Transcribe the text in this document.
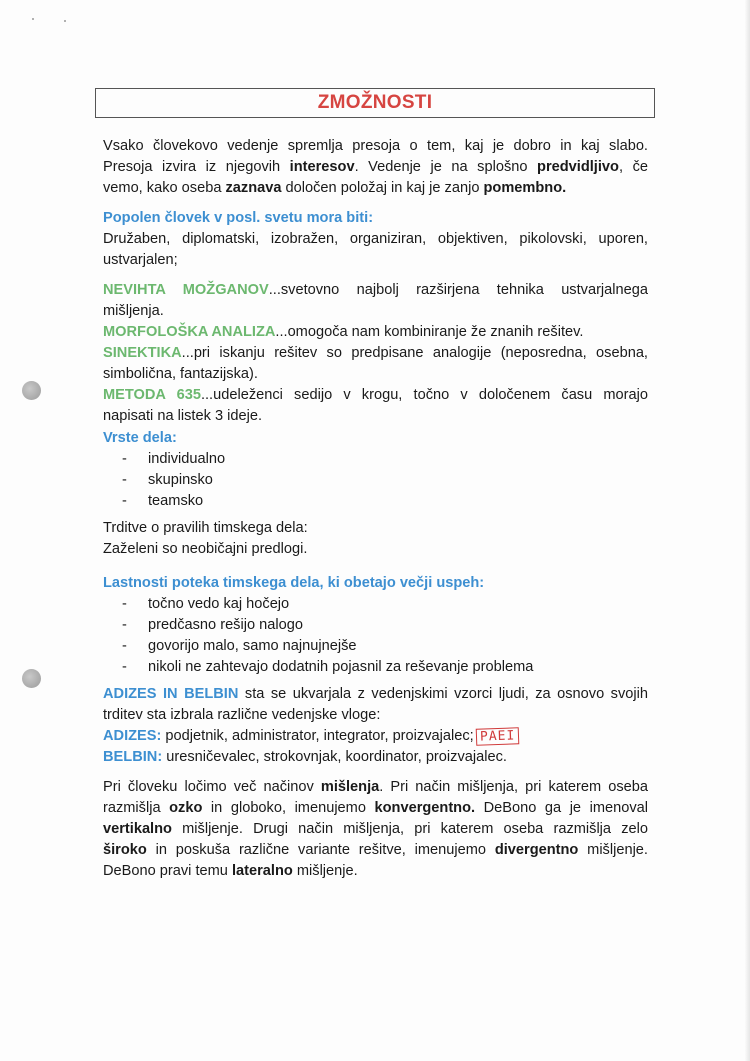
ZMOŽNOSTI
Vsako človekovo vedenje spremlja presoja o tem, kaj je dobro in kaj slabo.
Presoja izvira iz njegovih interesov. Vedenje je na splošno predvidljivo, če
vemo, kako oseba zaznava določen položaj in kaj je zanjo pomembno.
Popolen človek v posl. svetu mora biti:
Družaben, diplomatski, izobražen, organiziran, objektiven, pikolovski, uporen,
ustvarjalen;
NEVIHTA MOŽGANOV...svetovno najbolj razširjena tehnika ustvarjalnega
mišljenja.
MORFOLOŠKA ANALIZA...omogoča nam kombiniranje že znanih rešitev.
SINEKTIKA...pri iskanju rešitev so predpisane analogije (neposredna, osebna,
simbolična, fantazijska).
METODA 635...udeleženci sedijo v krogu, točno v določenem času morajo
napisati na listek 3 ideje.
Vrste dela:
- individualno
- skupinsko
- teamsko
Trditve o pravilih timskega dela:
Zaželeni so neobičajni predlogi.
Lastnosti poteka timskega dela, ki obetajo večji uspeh:
- točno vedo kaj hočejo
- predčasno rešijo nalogo
- govorijo malo, samo najnujnejše
- nikoli ne zahtevajo dodatnih pojasnil za reševanje problema
ADIZES IN BELBIN sta se ukvarjala z vedenjskimi vzorci ljudi, za osnovo svojih
trditev sta izbrala različne vedenjske vloge:
ADIZES: podjetnik, administrator, integrator, proizvajalec; PAEI
BELBIN: uresničevalec, strokovnjak, koordinator, proizvajalec.
Pri človeku ločimo več načinov mišlenja. Pri način mišljenja, pri katerem oseba
razmišlja ozko in globoko, imenujemo konvergentno. DeBono ga je imenoval
vertikalno mišljenje. Drugi način mišljenja, pri katerem oseba razmišlja zelo
široko in poskuša različne variante rešitve, imenujemo divergentno mišljenje.
DeBono pravi temu lateralno mišljenje.
